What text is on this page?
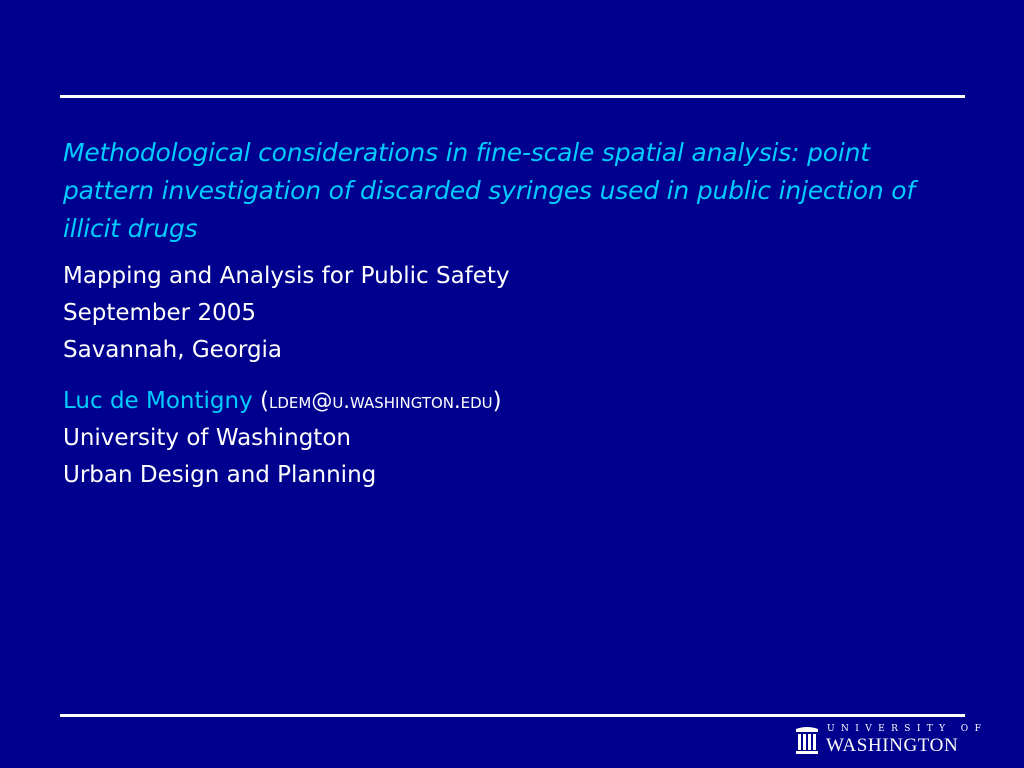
Methodological considerations in fine-scale spatial analysis: point pattern investigation of discarded syringes used in public injection of illicit drugs

Mapping and Analysis for Public Safety
September 2005
Savannah, Georgia
Luc de Montigny (ldem@u.washington.edu)
University of Washington
Urban Design and Planning
UNIVERSITY OF
WASHINGTON
